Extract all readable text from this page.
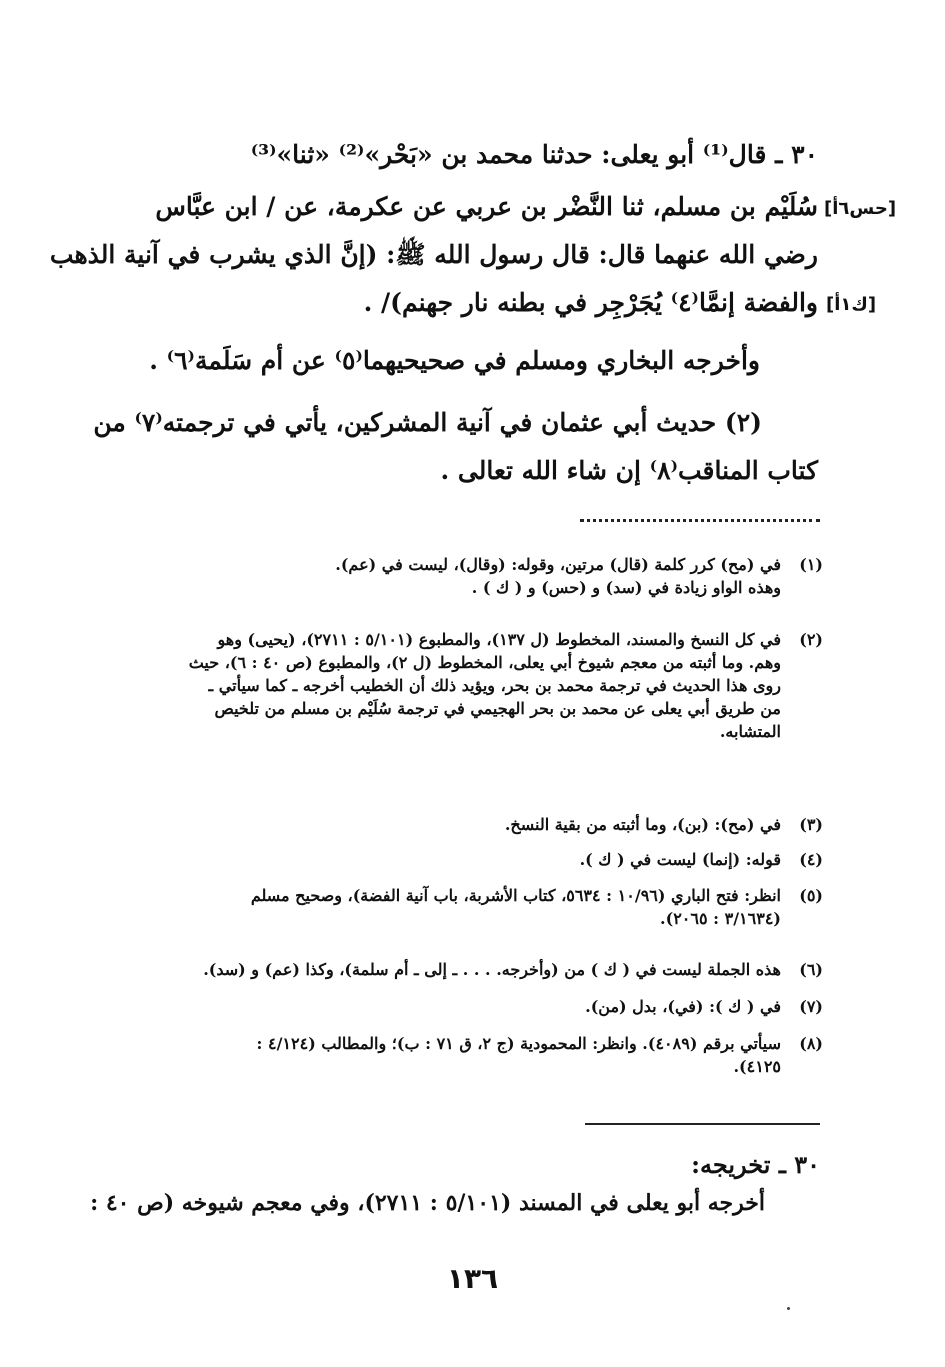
٣٠ ـ قال⁽¹⁾ أبو يعلى: حدثنا محمد بن «بَحْر»⁽²⁾ «ثنا»⁽³⁾
سُلَيْم بن مسلم، ثنا النَّضْر بن عربي عن عكرمة، عن / ابن عبَّاس
رضي الله عنهما قال: قال رسول الله ﷺ: (إنَّ الذي يشرب في آنية الذهب
والفضة إنمَّا⁽٤⁾ يُجَرْجِر في بطنه نار جهنم)/ .
[حس٦أ]
[ك١أ]
وأخرجه البخاري ومسلم في صحيحيهما⁽٥⁾ عن أم سَلَمة⁽٦⁾ .
(٢) حديث أبي عثمان في آنية المشركين، يأتي في ترجمته⁽٧⁾ من
كتاب المناقب⁽٨⁾ إن شاء الله تعالى .
(١)
في (مح) كرر كلمة (قال) مرتين، وقوله: (وقال)، ليست في (عم).
وهذه الواو زيادة في (سد) و (حس) و ( ك ) .
(٢)
في كل النسخ والمسند، المخطوط (ل ١٣٧)، والمطبوع (٥/١٠١ : ٢٧١١)، (يحيى) وهو
وهم. وما أثبته من معجم شيوخ أبي يعلى، المخطوط (ل ٢)، والمطبوع (ص ٤٠ : ٦)، حيث
روى هذا الحديث في ترجمة محمد بن بحر، ويؤيد ذلك أن الخطيب أخرجه ـ كما سيأتي ـ
من طريق أبي يعلى عن محمد بن بحر الهجيمي في ترجمة سُلَيْم بن مسلم من تلخيص
المتشابه.
(٣)
في (مح): (بن)، وما أثبته من بقية النسخ.
(٤)
قوله: (إنما) ليست في ( ك ).
(٥)
انظر: فتح الباري (١٠/٩٦ : ٥٦٣٤، كتاب الأشربة، باب آنية الفضة)، وصحيح مسلم
(٣/١٦٣٤ : ٢٠٦٥).
(٦)
هذه الجملة ليست في ( ك ) من (وأخرجه. . . . ـ إلى ـ أم سلمة)، وكذا (عم) و (سد).
(٧)
في ( ك ): (في)، بدل (من).
(٨)
سيأتي برقم (٤٠٨٩). وانظر: المحمودية (ج ٢، ق ٧١ : ب)؛ والمطالب (٤/١٢٤ :
٤١٢٥).
٣٠ ـ تخريجه:
أخرجه أبو يعلى في المسند (٥/١٠١ : ٢٧١١)، وفي معجم شيوخه (ص ٤٠ :
١٣٦
